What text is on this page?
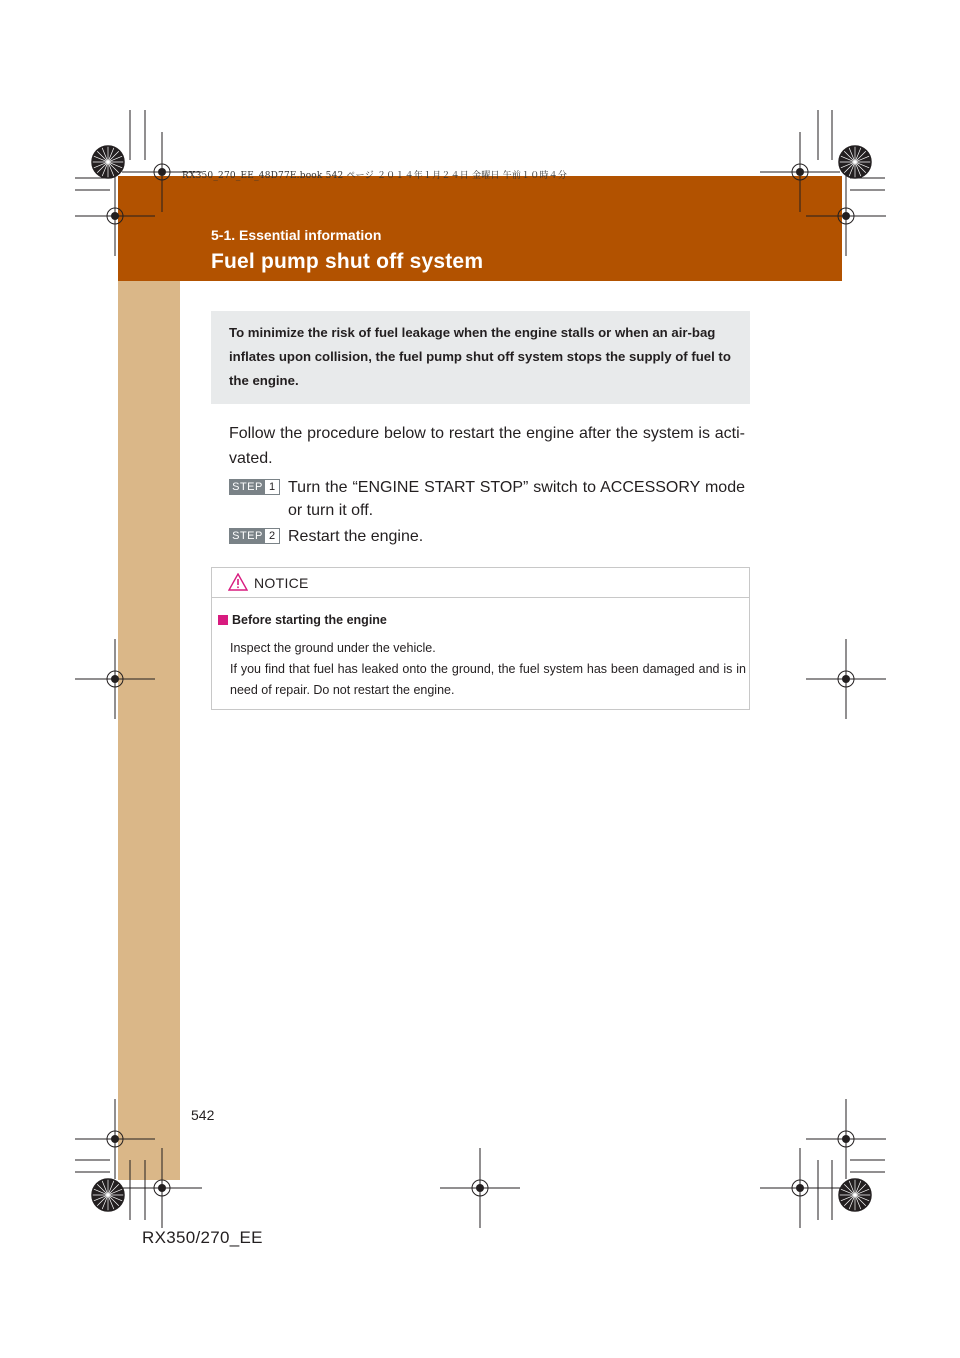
RX350_270_EE_48D77E.book 542 ページ ２０１４年１月２４日 金曜日 午前１０時４分
5-1. Essential information
Fuel pump shut off system
To minimize the risk of fuel leakage when the engine stalls or when an air-bag inflates upon collision, the fuel pump shut off system stops the supply of fuel to the engine.
Follow the procedure below to restart the engine after the system is acti-vated.
STEP 1 Turn the “ENGINE START STOP” switch to ACCESSORY mode or turn it off.
STEP 2 Restart the engine.
NOTICE
Before starting the engine
Inspect the ground under the vehicle.
If you find that fuel has leaked onto the ground, the fuel system has been damaged and is in need of repair. Do not restart the engine.
542
RX350/270_EE
